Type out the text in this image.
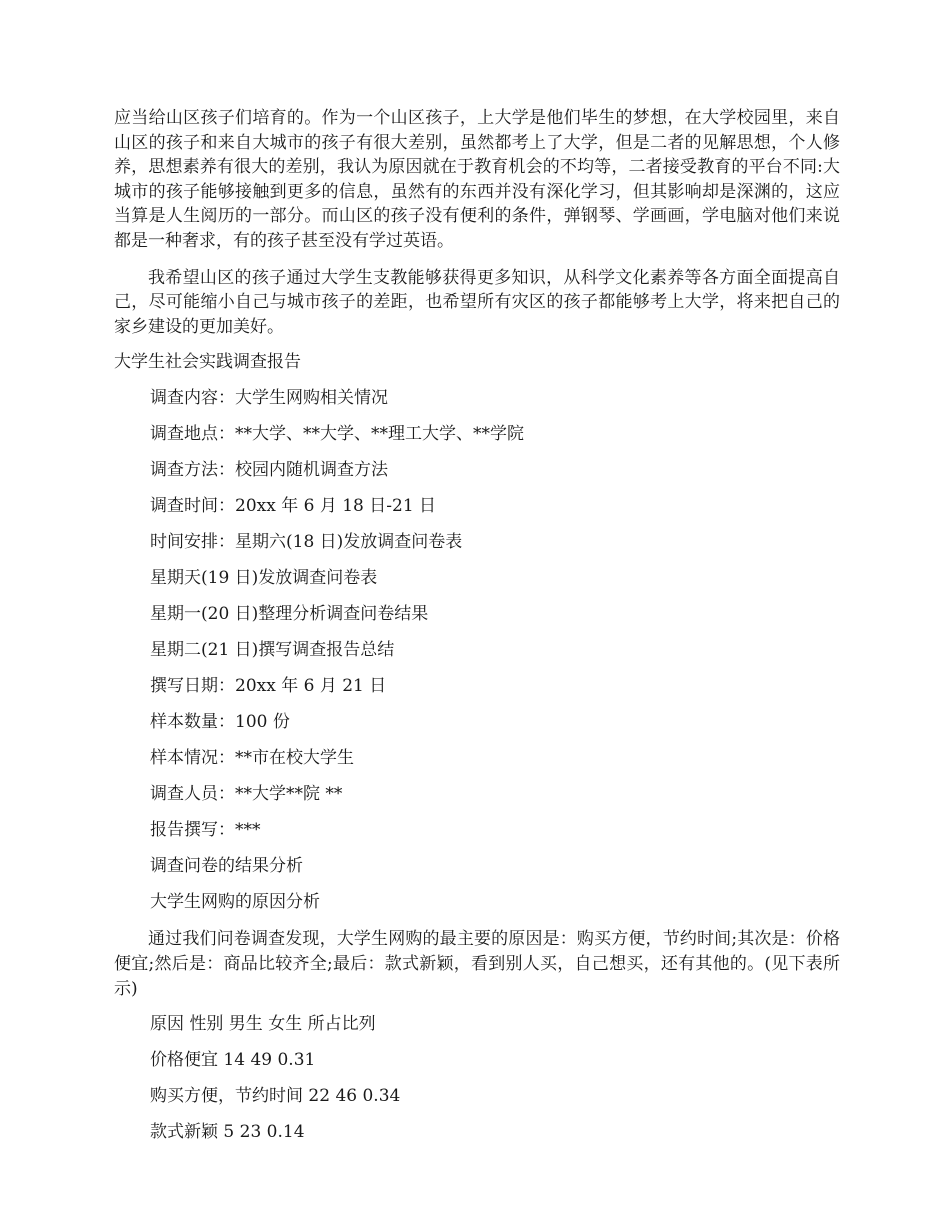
应当给山区孩子们培育的。作为一个山区孩子，上大学是他们毕生的梦想，在大学校园里，来自山区的孩子和来自大城市的孩子有很大差别，虽然都考上了大学，但是二者的见解思想，个人修养，思想素养有很大的差别，我认为原因就在于教育机会的不均等，二者接受教育的平台不同:大城市的孩子能够接触到更多的信息，虽然有的东西并没有深化学习，但其影响却是深渊的，这应当算是人生阅历的一部分。而山区的孩子没有便利的条件，弹钢琴、学画画，学电脑对他们来说都是一种奢求，有的孩子甚至没有学过英语。

我希望山区的孩子通过大学生支教能够获得更多知识，从科学文化素养等各方面全面提高自己，尽可能缩小自己与城市孩子的差距，也希望所有灾区的孩子都能够考上大学，将来把自己的家乡建设的更加美好。

大学生社会实践调查报告

调查内容：大学生网购相关情况

调查地点：**大学、**大学、**理工大学、**学院

调查方法：校园内随机调查方法

调查时间：20xx 年 6 月 18 日-21 日

时间安排：星期六(18 日)发放调查问卷表

星期天(19 日)发放调查问卷表

星期一(20 日)整理分析调查问卷结果

星期二(21 日)撰写调查报告总结

撰写日期：20xx 年 6 月 21 日

样本数量：100 份

样本情况：**市在校大学生

调查人员：**大学**院 **

报告撰写：***

调查问卷的结果分析

大学生网购的原因分析

通过我们问卷调查发现，大学生网购的最主要的原因是：购买方便，节约时间;其次是：价格便宜;然后是：商品比较齐全;最后：款式新颖，看到别人买，自己想买，还有其他的。(见下表所示)

原因 性别 男生 女生 所占比列

价格便宜 14 49 0.31

购买方便，节约时间 22 46 0.34

款式新颖 5 23 0.14
